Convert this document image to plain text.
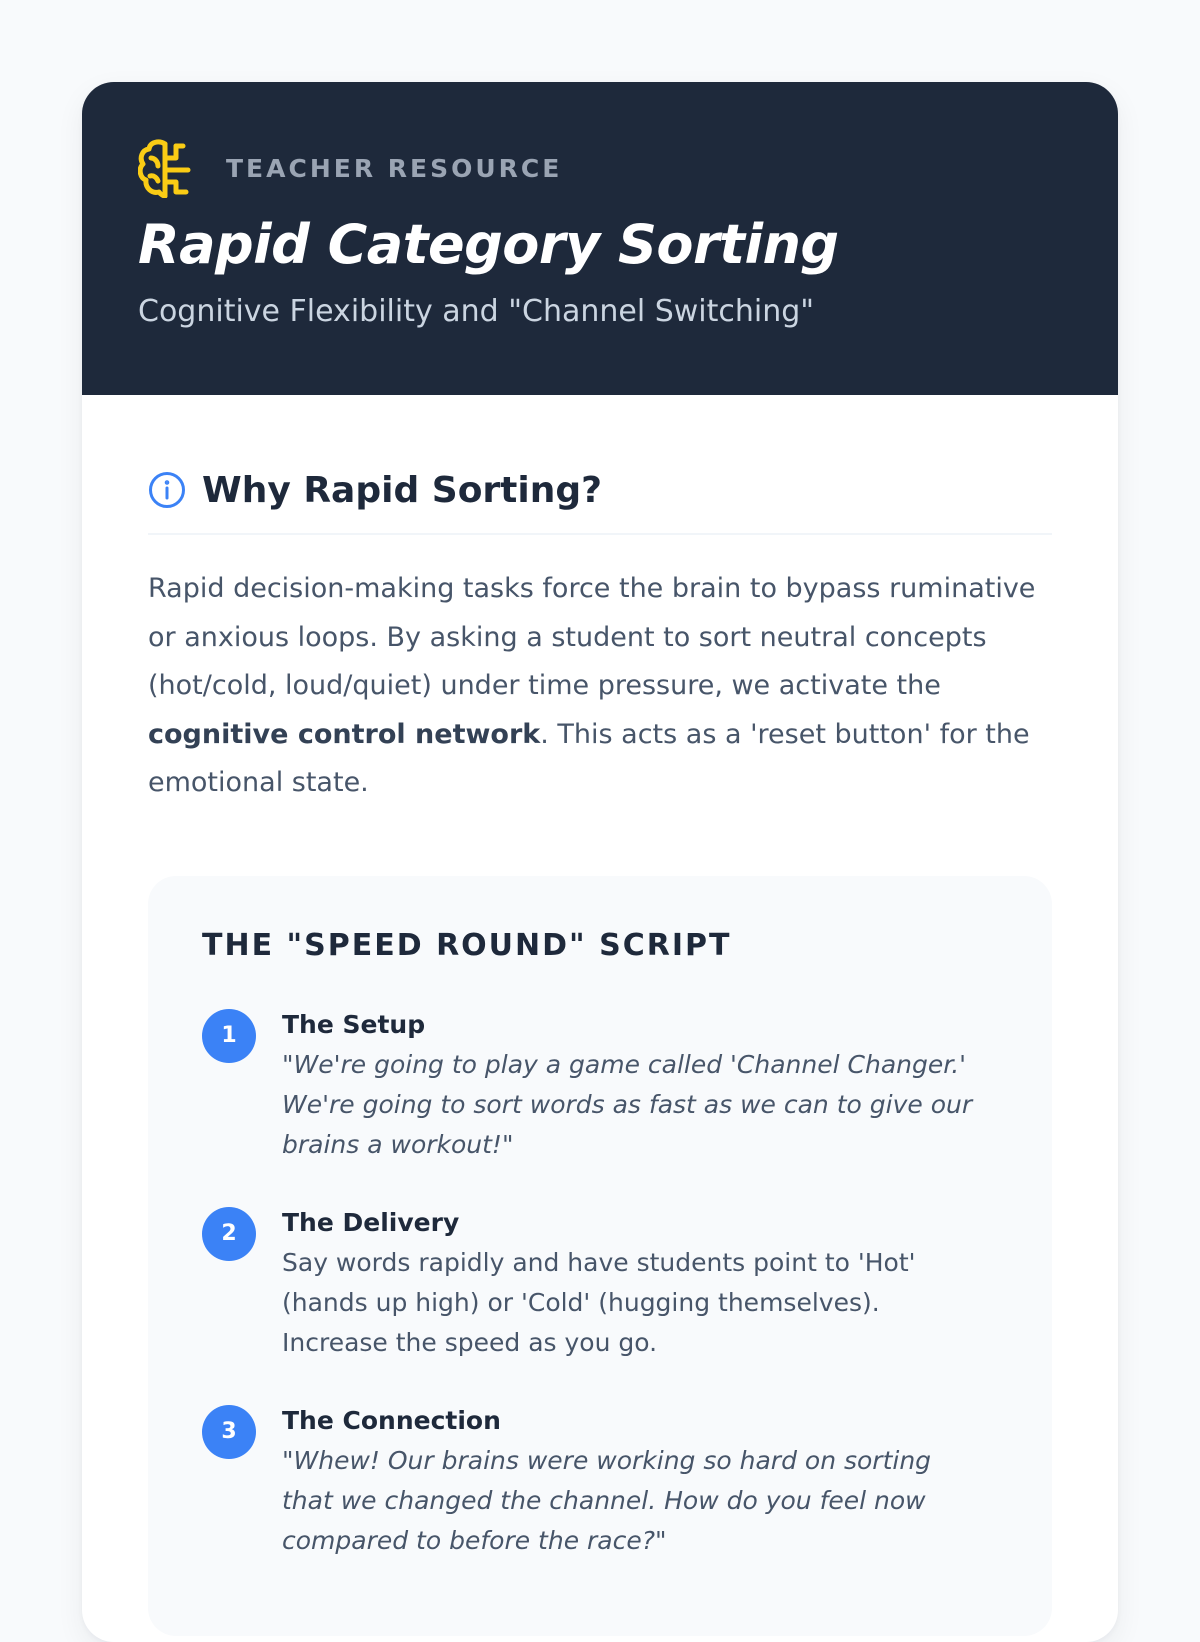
TEACHER RESOURCE
Rapid Category Sorting
Cognitive Flexibility and "Channel Switching"
Why Rapid Sorting?

Rapid decision-making tasks force the brain to bypass ruminative or anxious loops. By asking a student to sort neutral concepts (hot/cold, loud/quiet) under time pressure, we activate the cognitive control network. This acts as a 'reset button' for the emotional state.

THE "SPEED ROUND" SCRIPT
1	The Setup
"We're going to play a game called 'Channel Changer.' We're going to sort words as fast as we can to give our brains a workout!"
2	The Delivery
Say words rapidly and have students point to 'Hot' (hands up high) or 'Cold' (hugging themselves). Increase the speed as you go.
3	The Connection
"Whew! Our brains were working so hard on sorting that we changed the channel. How do you feel now compared to before the race?"
